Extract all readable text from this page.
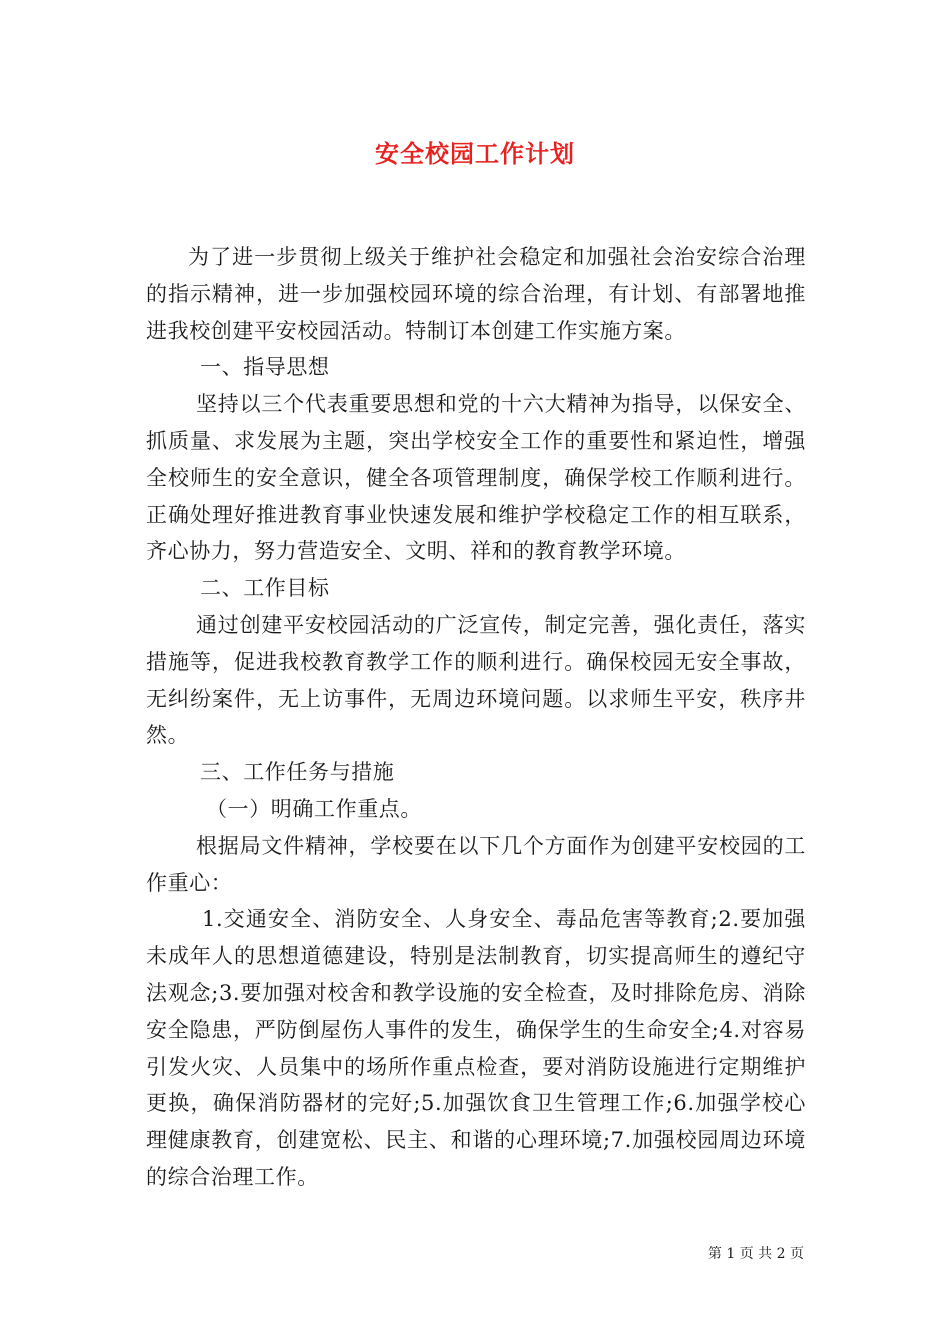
安全校园工作计划

为了进一步贯彻上级关于维护社会稳定和加强社会治安综合治理的指示精神，进一步加强校园环境的综合治理，有计划、有部署地推进我校创建平安校园活动。特制订本创建工作实施方案。

一、指导思想

坚持以三个代表重要思想和党的十六大精神为指导，以保安全、抓质量、求发展为主题，突出学校安全工作的重要性和紧迫性，增强全校师生的安全意识，健全各项管理制度，确保学校工作顺利进行。正确处理好推进教育事业快速发展和维护学校稳定工作的相互联系，齐心协力，努力营造安全、文明、祥和的教育教学环境。

二、工作目标

通过创建平安校园活动的广泛宣传，制定完善，强化责任，落实措施等，促进我校教育教学工作的顺利进行。确保校园无安全事故，无纠纷案件，无上访事件，无周边环境问题。以求师生平安，秩序井然。

三、工作任务与措施

（一）明确工作重点。

根据局文件精神，学校要在以下几个方面作为创建平安校园的工作重心：

1.交通安全、消防安全、人身安全、毒品危害等教育;2.要加强未成年人的思想道德建设，特别是法制教育，切实提高师生的遵纪守法观念;3.要加强对校舍和教学设施的安全检查，及时排除危房、消除安全隐患，严防倒屋伤人事件的发生，确保学生的生命安全;4.对容易引发火灾、人员集中的场所作重点检查，要对消防设施进行定期维护更换，确保消防器材的完好;5.加强饮食卫生管理工作;6.加强学校心理健康教育，创建宽松、民主、和谐的心理环境;7.加强校园周边环境的综合治理工作。

第 1 页 共 2 页
